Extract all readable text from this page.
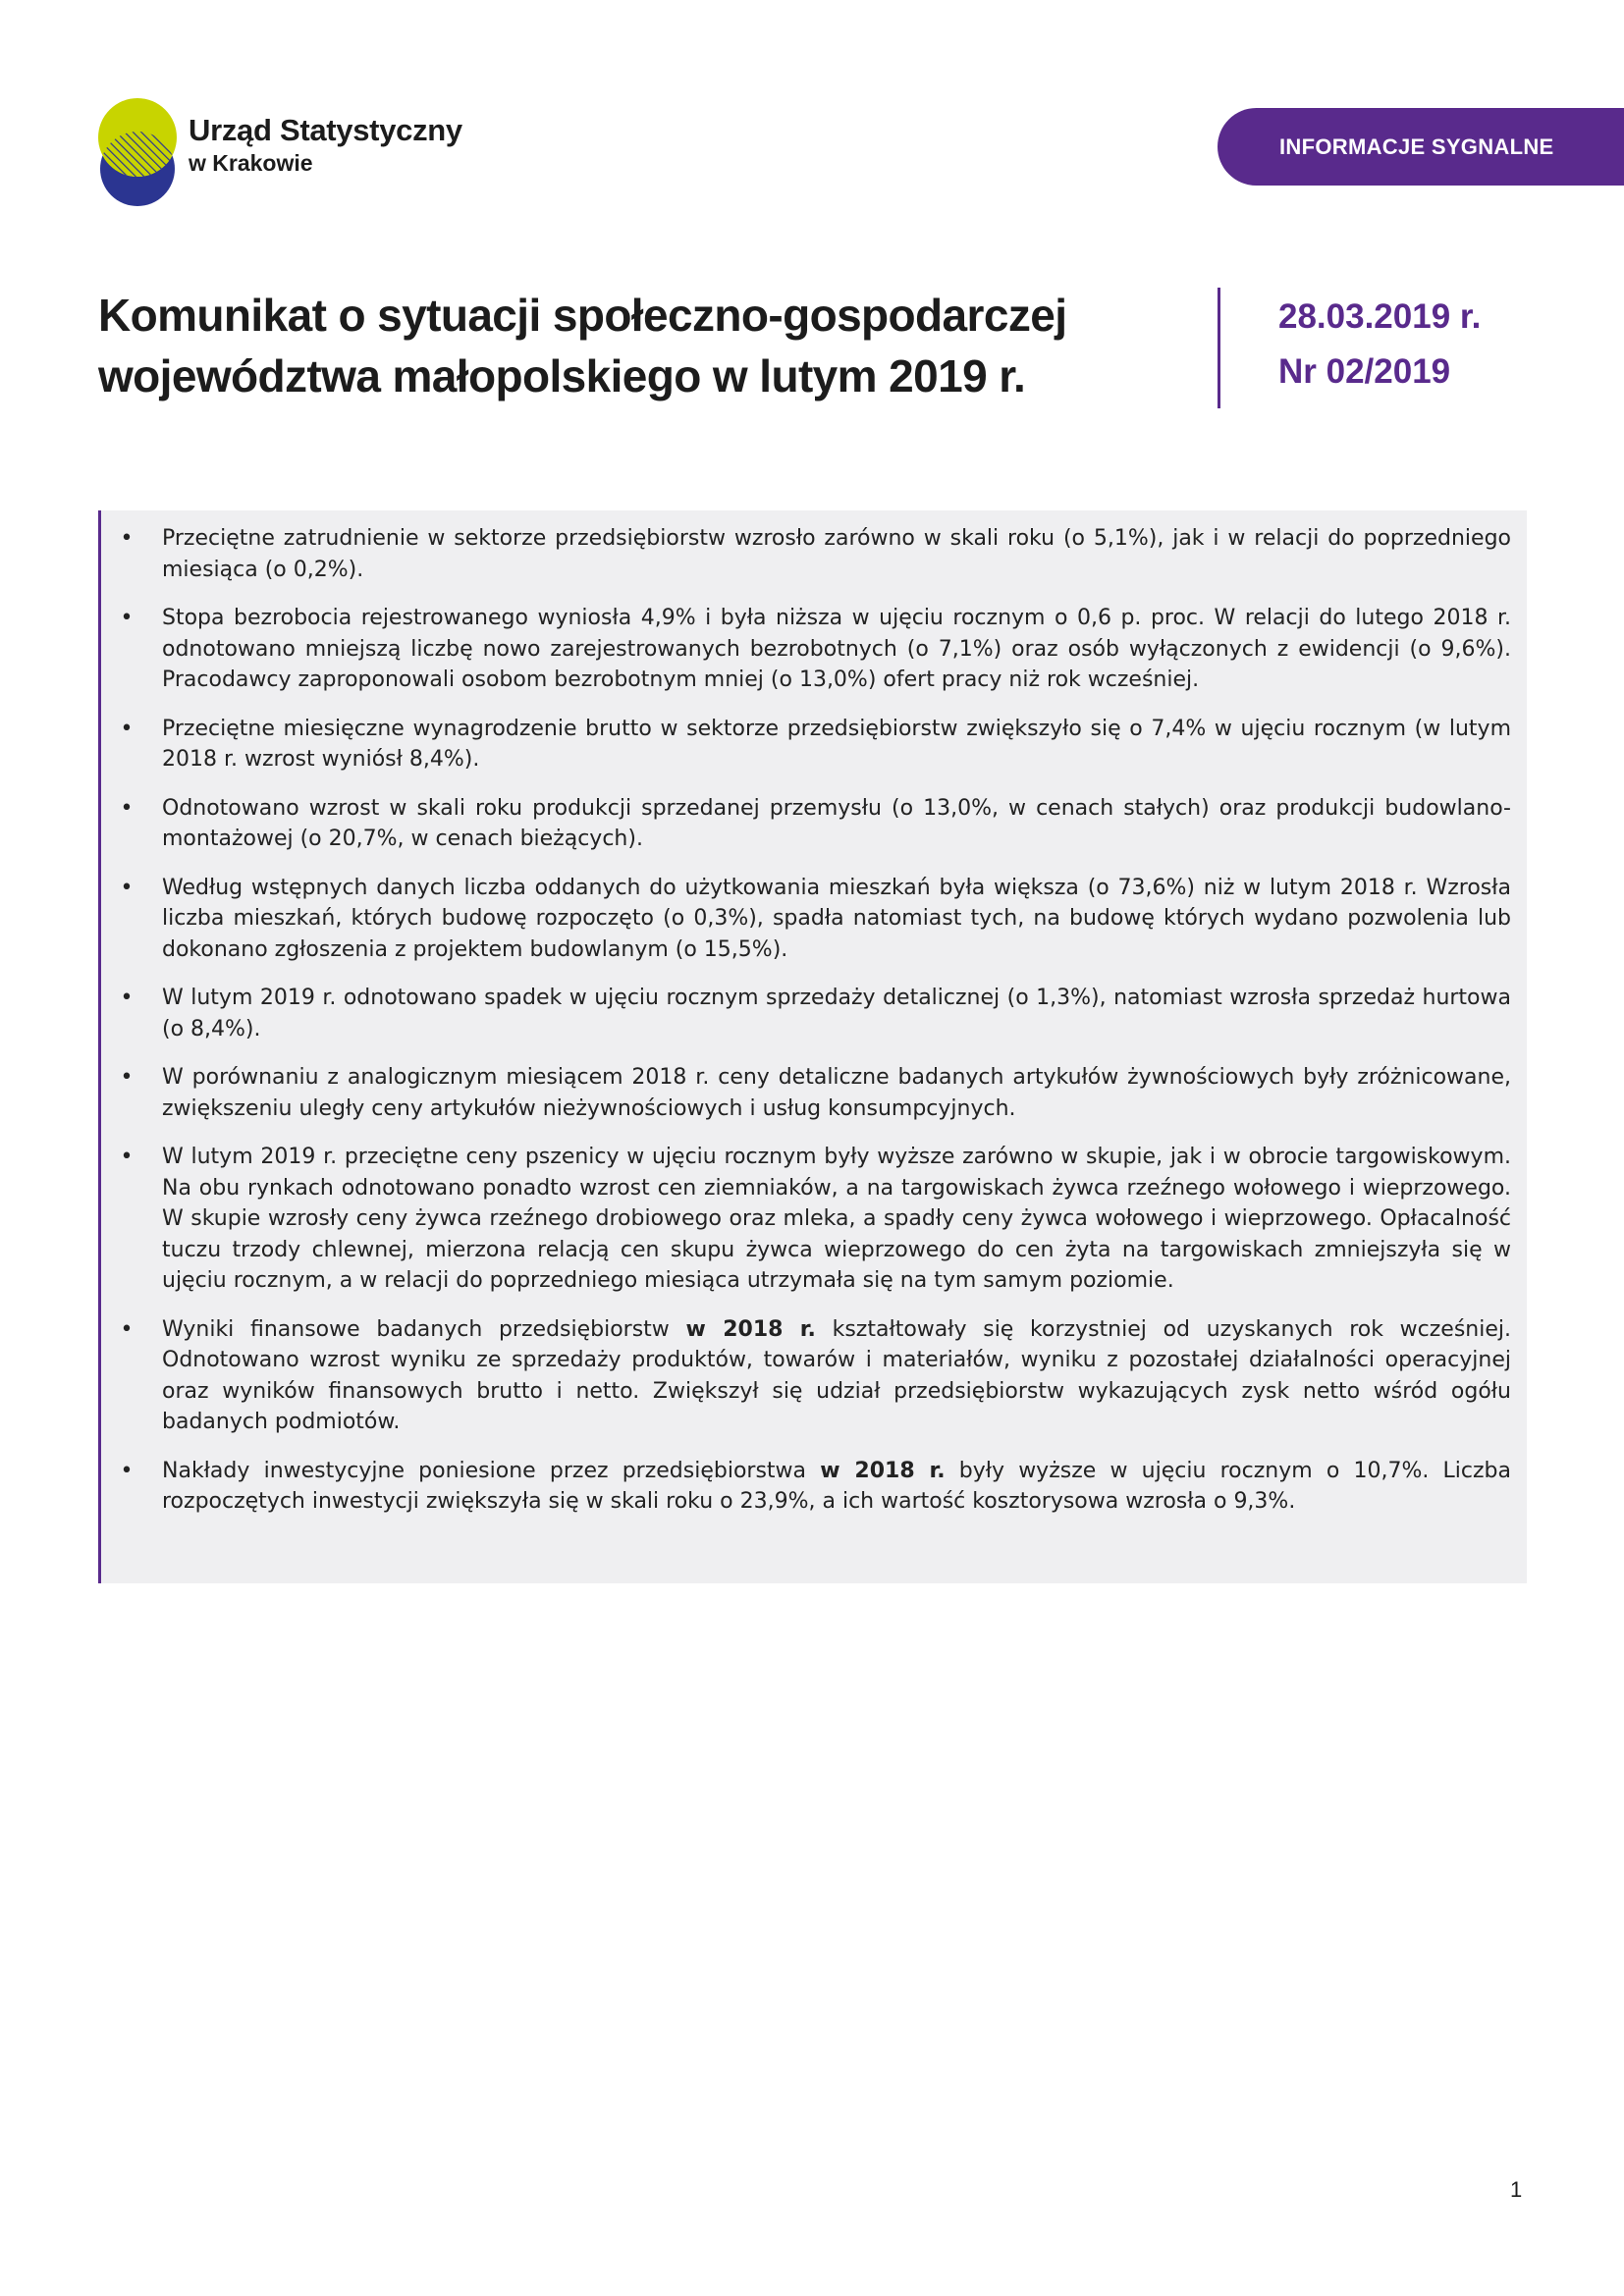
Urząd Statystyczny
w Krakowie
INFORMACJE SYGNALNE
Komunikat o sytuacji społeczno-gospodarczej
województwa małopolskiego w lutym 2019 r.
28.03.2019 r.
Nr 02/2019
• Przeciętne zatrudnienie w sektorze przedsiębiorstw wzrosło zarówno w skali roku (o 5,1%), jak i w relacji do poprzedniego miesiąca (o 0,2%).
• Stopa bezrobocia rejestrowanego wyniosła 4,9% i była niższa w ujęciu rocznym o 0,6 p. proc. W relacji do lutego 2018 r. odnotowano mniejszą liczbę nowo zarejestrowanych bezrobotnych (o 7,1%) oraz osób wyłączonych z ewidencji (o 9,6%). Pracodawcy zaproponowali osobom bezrobotnym mniej (o 13,0%) ofert pracy niż rok wcześniej.
• Przeciętne miesięczne wynagrodzenie brutto w sektorze przedsiębiorstw zwiększyło się o 7,4% w ujęciu rocznym (w lutym 2018 r. wzrost wyniósł 8,4%).
• Odnotowano wzrost w skali roku produkcji sprzedanej przemysłu (o 13,0%, w cenach stałych) oraz produkcji budowlano-montażowej (o 20,7%, w cenach bieżących).
• Według wstępnych danych liczba oddanych do użytkowania mieszkań była większa (o 73,6%) niż w lutym 2018 r. Wzrosła liczba mieszkań, których budowę rozpoczęto (o 0,3%), spadła natomiast tych, na budowę których wydano pozwolenia lub dokonano zgłoszenia z projektem budowlanym (o 15,5%).
• W lutym 2019 r. odnotowano spadek w ujęciu rocznym sprzedaży detalicznej (o 1,3%), natomiast wzrosła sprzedaż hurtowa (o 8,4%).
• W porównaniu z analogicznym miesiącem 2018 r. ceny detaliczne badanych artykułów żywnościowych były zróżnicowane, zwiększeniu uległy ceny artykułów nieżywnościowych i usług konsumpcyjnych.
• W lutym 2019 r. przeciętne ceny pszenicy w ujęciu rocznym były wyższe zarówno w skupie, jak i w obrocie targowiskowym. Na obu rynkach odnotowano ponadto wzrost cen ziemniaków, a na targowiskach żywca rzeźnego wołowego i wieprzowego. W skupie wzrosły ceny żywca rzeźnego drobiowego oraz mleka, a spadły ceny żywca wołowego i wieprzowego. Opłacalność tuczu trzody chlewnej, mierzona relacją cen skupu żywca wieprzowego do cen żyta na targowiskach zmniejszyła się w ujęciu rocznym, a w relacji do poprzedniego miesiąca utrzymała się na tym samym poziomie.
• Wyniki finansowe badanych przedsiębiorstw w 2018 r. kształtowały się korzystniej od uzyskanych rok wcześniej. Odnotowano wzrost wyniku ze sprzedaży produktów, towarów i materiałów, wyniku z pozostałej działalności operacyjnej oraz wyników finansowych brutto i netto. Zwiększył się udział przedsiębiorstw wykazujących zysk netto wśród ogółu badanych podmiotów.
• Nakłady inwestycyjne poniesione przez przedsiębiorstwa w 2018 r. były wyższe w ujęciu rocznym o 10,7%. Liczba rozpoczętych inwestycji zwiększyła się w skali roku o 23,9%, a ich wartość kosztorysowa wzrosła o 9,3%.
1
